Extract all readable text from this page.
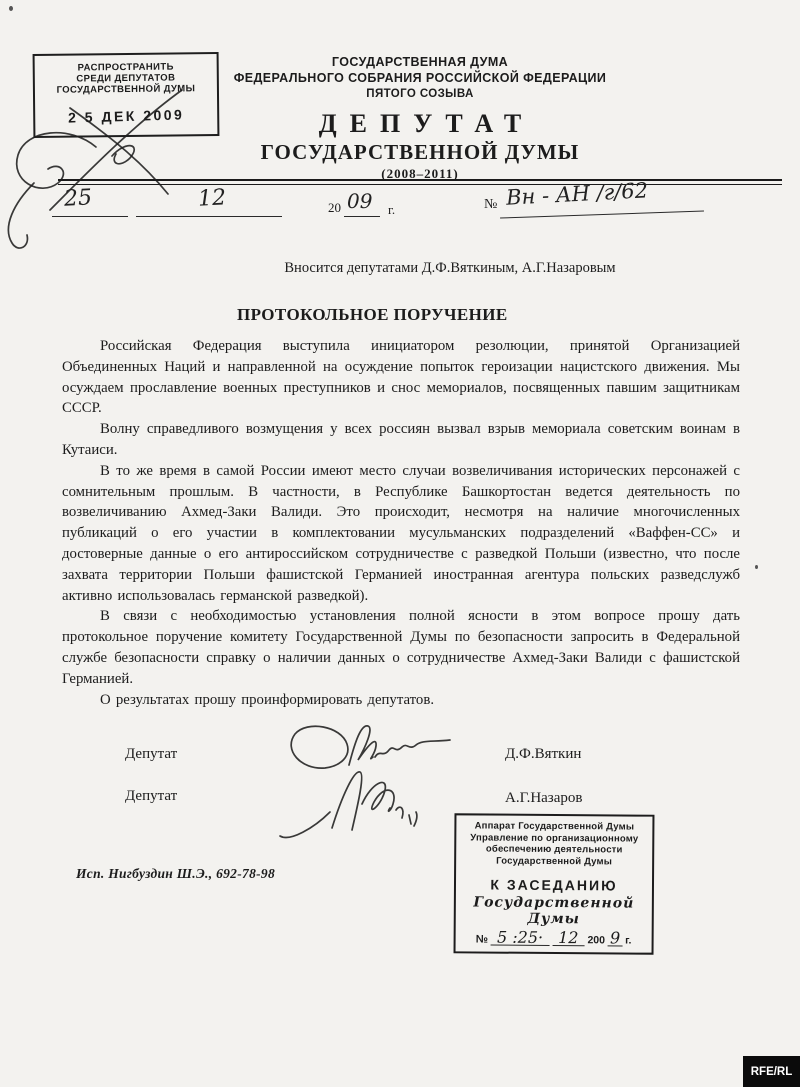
ГОСУДАРСТВЕННАЯ ДУМА
ФЕДЕРАЛЬНОГО СОБРАНИЯ РОССИЙСКОЙ ФЕДЕРАЦИИ
ПЯТОГО СОЗЫВА
ДЕПУТАТ
ГОСУДАРСТВЕННОЙ ДУМЫ
(2008–2011)
РАСПРОСТРАНИТЬ
СРЕДИ ДЕПУТАТОВ
ГОСУДАРСТВЕННОЙ ДУМЫ
2 5 ДЕК 2009
25	12	20 09 г.	№ Вн - АН /г/62
Вносится депутатами Д.Ф.Вяткиным, А.Г.Назаровым
ПРОТОКОЛЬНОЕ ПОРУЧЕНИЕ

Российская Федерация выступила инициатором резолюции, принятой Организацией Объединенных Наций и направленной на осуждение попыток героизации нацистского движения. Мы осуждаем прославление военных преступников и снос мемориалов, посвященных павшим защитникам СССР.

Волну справедливого возмущения у всех россиян вызвал взрыв мемориала советским воинам в Кутаиси.

В то же время в самой России имеют место случаи возвеличивания исторических персонажей с сомнительным прошлым. В частности, в Республике Башкортостан ведется деятельность по возвеличиванию Ахмед-Заки Валиди. Это происходит, несмотря на наличие многочисленных публикаций о его участии в комплектовании мусульманских подразделений «Ваффен-СС» и достоверные данные о его антироссийском сотрудничестве с разведкой Польши (известно, что после захвата территории Польши фашистской Германией иностранная агентура польских разведслужб активно использовалась германской разведкой).

В связи с необходимостью установления полной ясности в этом вопросе прошу дать протокольное поручение комитету Государственной Думы по безопасности запросить в Федеральной службе безопасности справку о наличии данных о сотрудничестве Ахмед-Заки Валиди с фашистской Германией.

О результатах прошу проинформировать депутатов.

Депутат	Д.Ф.Вяткин
Депутат	А.Г.Назаров
Аппарат Государственной Думы
Управление по организационному
обеспечению деятельности
Государственной Думы
К ЗАСЕДАНИЮ
Государственной Думы
№ 5 :25· 12 200 9 г.
Исп. Нигбуздин Ш.Э., 692-78-98
RFE/RL
